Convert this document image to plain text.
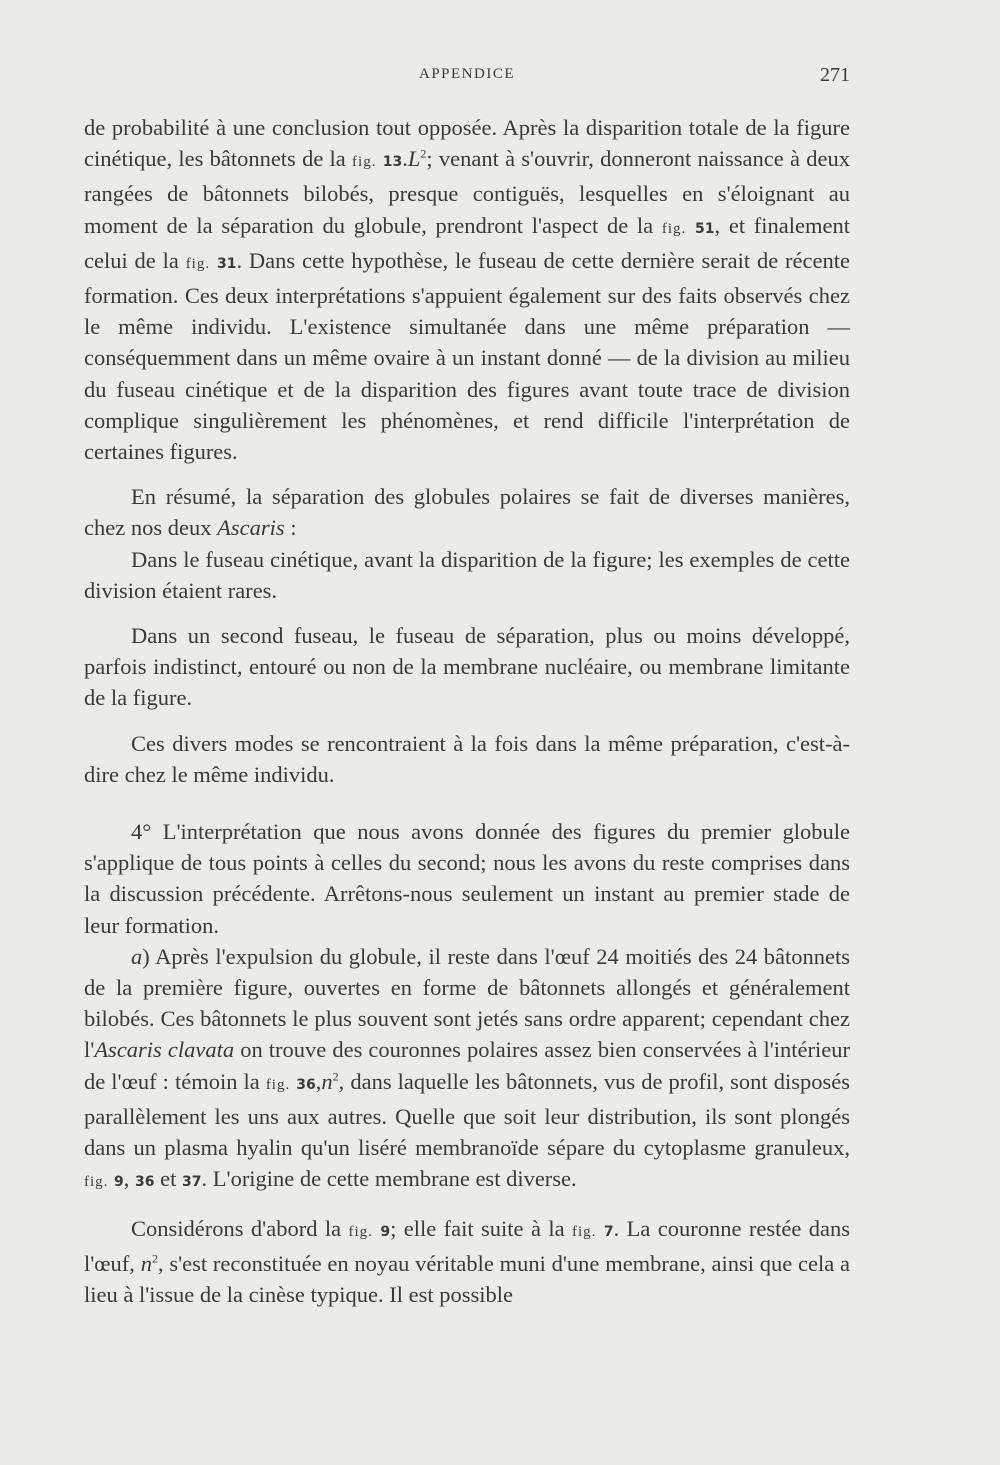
APPENDICE	271

de probabilité à une conclusion tout opposée. Après la disparition totale de la figure cinétique, les bâtonnets de la fig. $13.L^2$; venant à s'ouvrir, donneront naissance à deux rangées de bâtonnets bilobés, presque contiguës, lesquelles en s'éloignant au moment de la séparation du globule, prendront l'aspect de la fig. 51, et finalement celui de la fig. 31. Dans cette hypothèse, le fuseau de cette dernière serait de récente formation. Ces deux interprétations s'appuient également sur des faits observés chez le même individu. L'existence simultanée dans une même préparation — conséquemment dans un même ovaire à un instant donné — de la division au milieu du fuseau cinétique et de la disparition des figures avant toute trace de division complique singulièrement les phénomènes, et rend difficile l'interprétation de certaines figures.

En résumé, la séparation des globules polaires se fait de diverses manières, chez nos deux Ascaris :

Dans le fuseau cinétique, avant la disparition de la figure; les exemples de cette division étaient rares.

Dans un second fuseau, le fuseau de séparation, plus ou moins développé, parfois indistinct, entouré ou non de la membrane nucléaire, ou membrane limitante de la figure.

Ces divers modes se rencontraient à la fois dans la même préparation, c'est-à-dire chez le même individu.

4° L'interprétation que nous avons donnée des figures du premier globule s'applique de tous points à celles du second; nous les avons du reste comprises dans la discussion précédente. Arrêtons-nous seulement un instant au premier stade de leur formation.

a) Après l'expulsion du globule, il reste dans l'œuf 24 moitiés des 24 bâtonnets de la première figure, ouvertes en forme de bâtonnets allongés et généralement bilobés. Ces bâtonnets le plus souvent sont jetés sans ordre apparent; cependant chez l'Ascaris clavata on trouve des couronnes polaires assez bien conservées à l'intérieur de l'œuf : témoin la fig. $36,n^2$, dans laquelle les bâtonnets, vus de profil, sont disposés parallèlement les uns aux autres. Quelle que soit leur distribution, ils sont plongés dans un plasma hyalin qu'un liséré membranoïde sépare du cytoplasme granuleux, fig. 9, 36 et 37. L'origine de cette membrane est diverse.

Considérons d'abord la fig. 9; elle fait suite à la fig. 7. La couronne restée dans l'œuf, $n^2$, s'est reconstituée en noyau véritable muni d'une membrane, ainsi que cela a lieu à l'issue de la cinèse typique. Il est possible
